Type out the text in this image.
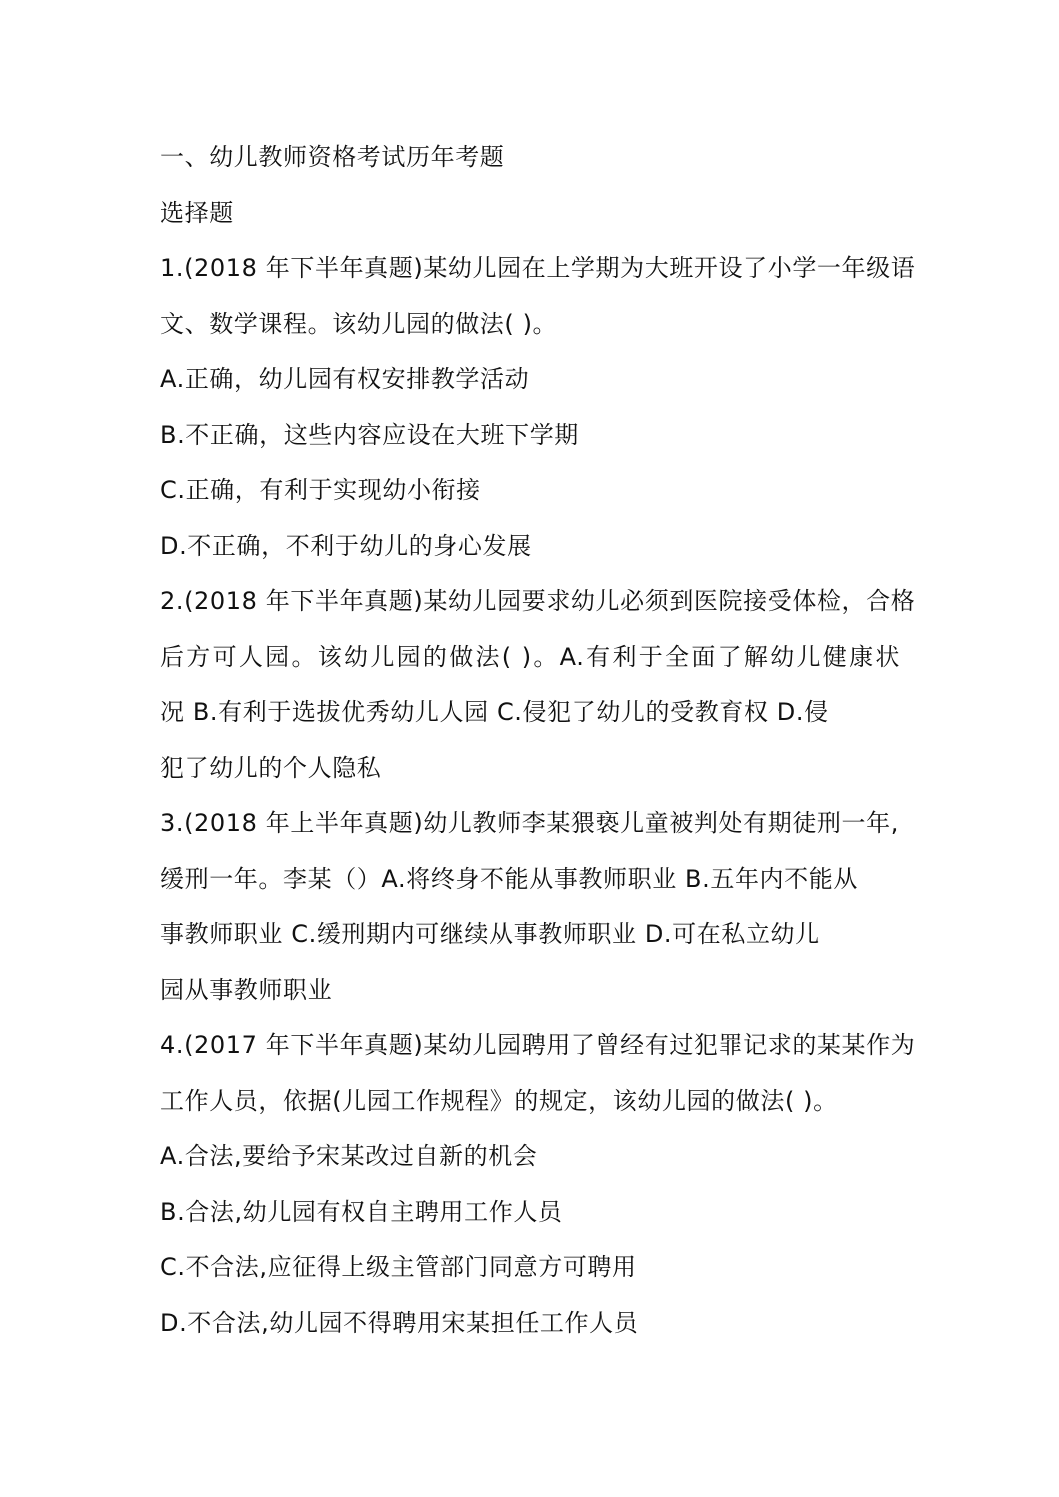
一、幼儿教师资格考试历年考题
选择题
1.(2018 年下半年真题)某幼儿园在上学期为大班开设了小学一年级语
文、数学课程。该幼儿园的做法( )。
A.正确，幼儿园有权安排教学活动
B.不正确，这些内容应设在大班下学期
C.正确，有利于实现幼小衔接
D.不正确，不利于幼儿的身心发展
2.(2018 年下半年真题)某幼儿园要求幼儿必须到医院接受体检，合格
后方可人园。该幼儿园的做法( )。A.有利于全面了解幼儿健康状
况 B.有利于选拔优秀幼儿人园 C.侵犯了幼儿的受教育权 D.侵
犯了幼儿的个人隐私
3.(2018 年上半年真题)幼儿教师李某猥亵儿童被判处有期徒刑一年,
缓刑一年。李某（）A.将终身不能从事教师职业 B.五年内不能从
事教师职业 C.缓刑期内可继续从事教师职业 D.可在私立幼儿
园从事教师职业
4.(2017 年下半年真题)某幼儿园聘用了曾经有过犯罪记求的某某作为
工作人员，依据(儿园工作规程》的规定，该幼儿园的做法( )。
A.合法,要给予宋某改过自新的机会
B.合法,幼儿园有权自主聘用工作人员
C.不合法,应征得上级主管部门同意方可聘用
D.不合法,幼儿园不得聘用宋某担任工作人员
